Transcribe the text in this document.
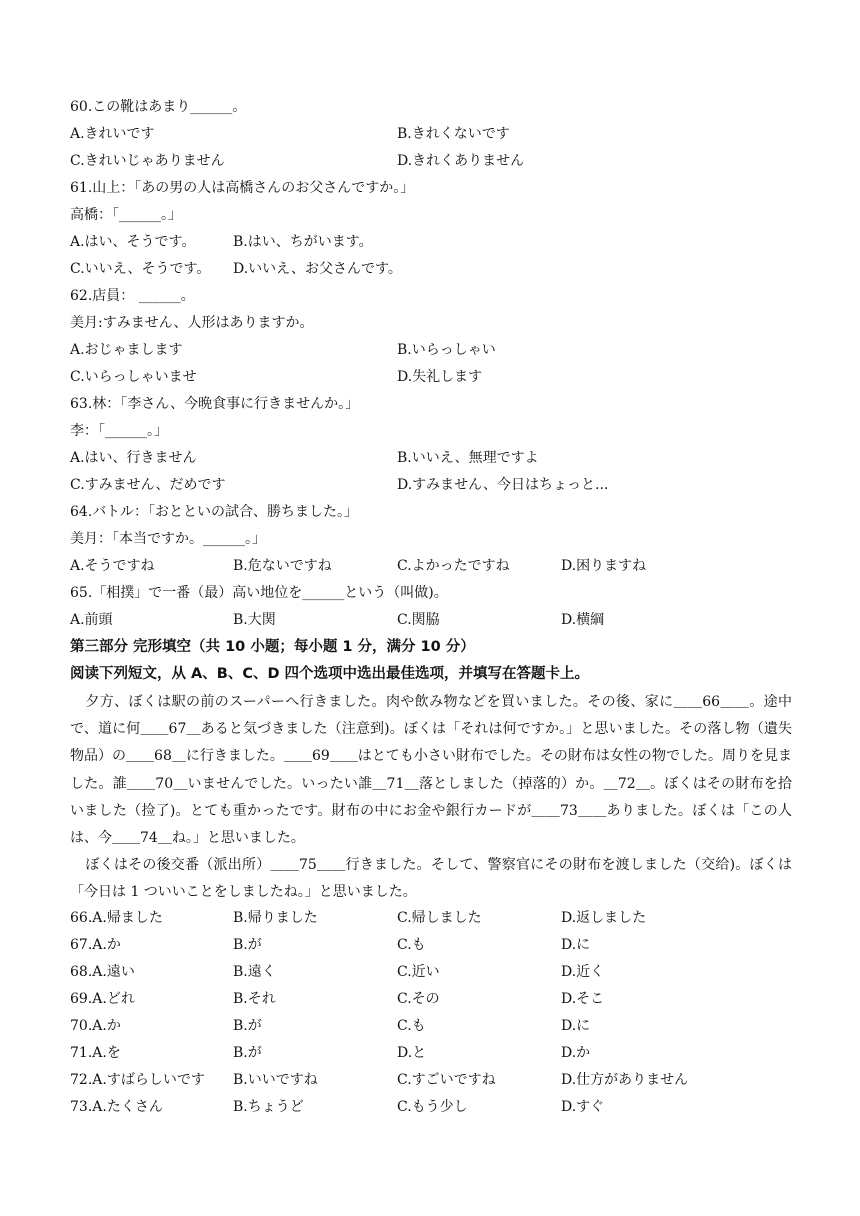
60.この靴はあまり______。
A.きれいです	B.きれくないです
C.きれいじゃありません	D.きれくありません
61.山上：「あの男の人は高橋さんのお父さんですか。」
高橋：「______。」
A.はい、そうです。	B.はい、ちがいます。
C.いいえ、そうです。 D.いいえ、お父さんです。
62.店員： ______。
美月:すみません、人形はありますか。
A.おじゃまします	B.いらっしゃい
C.いらっしゃいませ	D.失礼します
63.林：「李さん、今晩食事に行きませんか。」
李：「______。」
A.はい、行きません	B.いいえ、無理ですよ
C.すみません、だめです	D.すみません、今日はちょっと...
64.バトル：「おとといの試合、勝ちました。」
美月：「本当ですか。______。」
A.そうですね	B.危ないですね	C.よかったですね	D.困りますね
65.「相撲」で一番（最）高い地位を______という（叫做)。
A.前頭	B.大関	C.関脇	D.横綱
第三部分 完形填空（共 10 小题；每小题 1 分，满分 10 分）
阅读下列短文，从 A、B、C、D 四个选项中选出最佳选项，并填写在答题卡上。

夕方、ぼくは駅の前のスーパーへ行きました。肉や飲み物などを買いました。その後、家に＿＿66＿＿。途中で、道に何＿＿67＿あると気づきました（注意到)。ぼくは「それは何ですか。」と思いました。その落し物（遺失物品）の＿＿68＿に行きました。＿＿69＿＿はとても小さい財布でした。その財布は女性の物でした。周りを見ま　した。誰＿＿70＿いませんでした。いったい誰＿71＿落としました（掉落的）か。＿72＿。ぼくはその財布を拾いました（捡了)。とても重かったです。財布の中にお金や銀行カードが＿＿73＿＿ありました。ぼくは「この人は、今＿＿74＿ね。」と思いました。

ぼくはその後交番（派出所）＿＿75＿＿行きました。そして、警察官にその財布を渡しました（交给)。ぼくは「今日は 1 ついいことをしましたね。」と思いました。

66.A.帰ました	B.帰りました	C.帰しました	D.返しました
67.A.か	B.が	C.も	D.に
68.A.遠い	B.遠く	C.近い	D.近く
69.A.どれ	B.それ	C.その	D.そこ
70.A.か	B.が	C.も	D.に
71.A.を	B.が	D.と	D.か
72.A.すばらしいです B.いいですね	C.すごいですね	D.仕方がありません
73.A.たくさん	B.ちょうど	C.もう少し	D.すぐ
